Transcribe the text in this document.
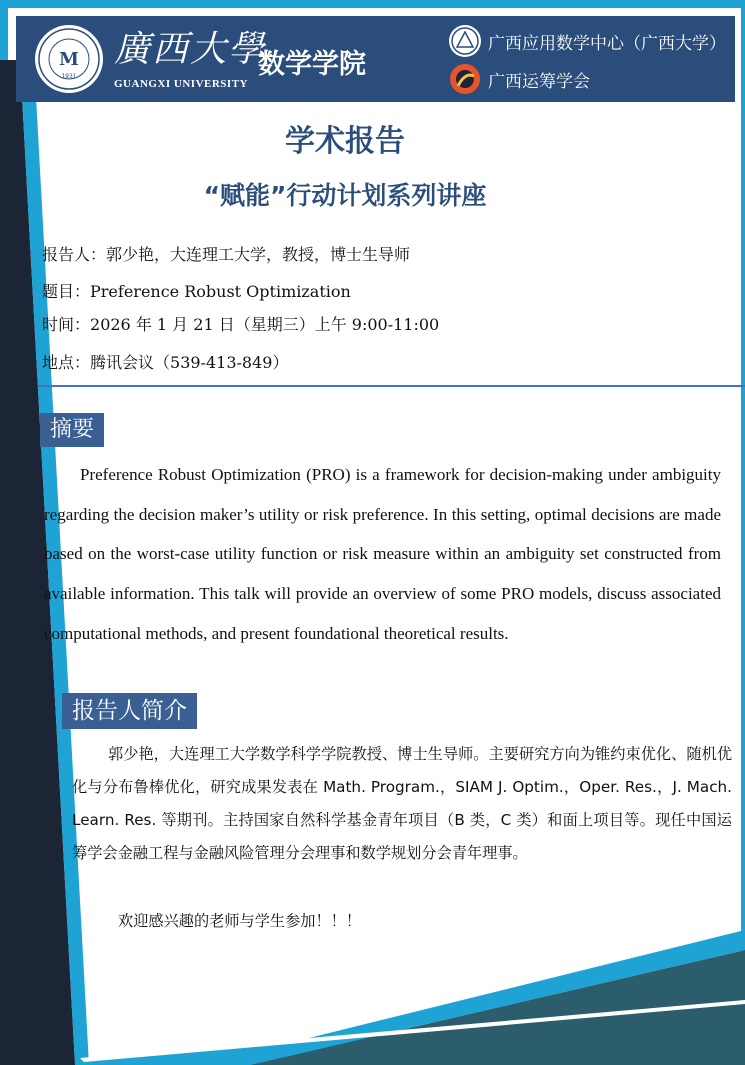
M
1931
廣西大學
GUANGXI UNIVERSITY
数学学院
广西应用数学中心（广西大学）
广西运筹学会
学术报告
“赋能”行动计划系列讲座
报告人：郭少艳，大连理工大学，教授，博士生导师
题目：Preference Robust Optimization
时间：2026 年 1 月 21 日（星期三）上午 9:00-11:00
地点：腾讯会议（539-413-849）
摘要
Preference Robust Optimization (PRO) is a framework for decision-making under ambiguity regarding the decision maker’s utility or risk preference. In this setting, optimal decisions are made based on the worst-case utility function or risk measure within an ambiguity set constructed from available information. This talk will provide an overview of some PRO models, discuss associated computational methods, and present foundational theoretical results.
报告人简介
郭少艳，大连理工大学数学科学学院教授、博士生导师。主要研究方向为锥约束优化、随机优化与分布鲁棒优化，研究成果发表在 Math. Program.，SIAM J. Optim.，Oper. Res.，J. Mach. Learn. Res. 等期刊。主持国家自然科学基金青年项目（B 类，C 类）和面上项目等。现任中国运筹学会金融工程与金融风险管理分会理事和数学规划分会青年理事。
欢迎感兴趣的老师与学生参加！！！
